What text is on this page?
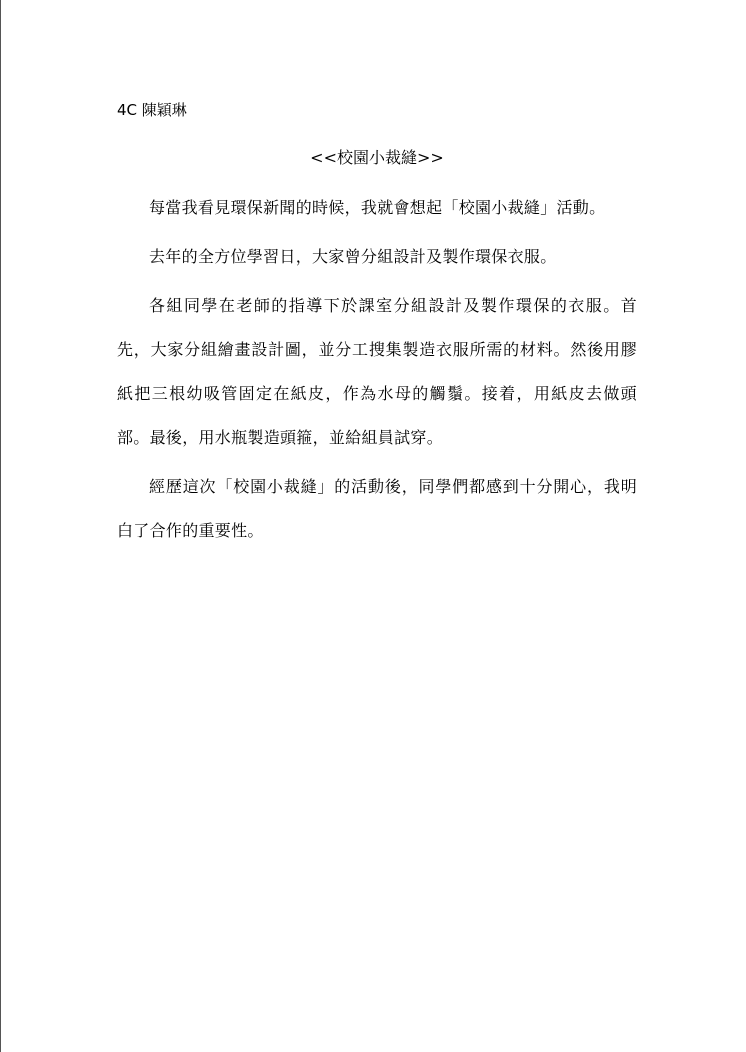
4C 陳穎琳

<<校園小裁縫>>

每當我看見環保新聞的時候，我就會想起「校園小裁縫」活動。

去年的全方位學習日，大家曾分組設計及製作環保衣服。

各組同學在老師的指導下於課室分組設計及製作環保的衣服。首先，大家分組繪畫設計圖，並分工搜集製造衣服所需的材料。然後用膠紙把三根幼吸管固定在紙皮，作為水母的觸鬚。接着，用紙皮去做頭部。最後，用水瓶製造頭箍，並給組員試穿。

經歷這次「校園小裁縫」的活動後，同學們都感到十分開心，我明白了合作的重要性。
